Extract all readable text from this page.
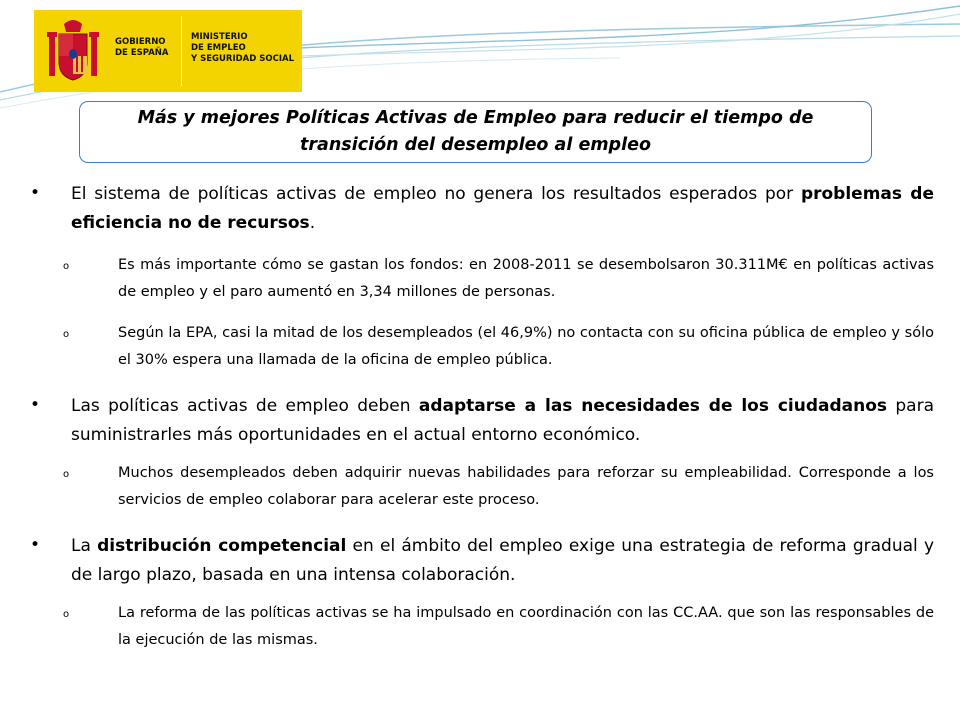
GOBIERNO
DE ESPAÑA
MINISTERIO
DE EMPLEO
Y SEGURIDAD SOCIAL
Más y mejores Políticas Activas de Empleo para reducir el tiempo de
transición del desempleo al empleo
• El sistema de políticas activas de empleo no genera los resultados esperados por problemas de eficiencia no de recursos.
o	Es más importante cómo se gastan los fondos: en 2008-2011 se desembolsaron 30.311M€ en políticas activas de empleo y el paro aumentó en 3,34 millones de personas.
o	Según la EPA, casi la mitad de los desempleados (el 46,9%) no contacta con su oficina pública de empleo y sólo el 30% espera una llamada de la oficina de empleo pública.
• Las políticas activas de empleo deben adaptarse a las necesidades de los ciudadanos para suministrarles más oportunidades en el actual entorno económico.
o	Muchos desempleados deben adquirir nuevas habilidades para reforzar su empleabilidad. Corresponde a los servicios de empleo colaborar para acelerar este proceso.
• La distribución competencial en el ámbito del empleo exige una estrategia de reforma gradual y de largo plazo, basada en una intensa colaboración.
o	La reforma de las políticas activas se ha impulsado en coordinación con las CC.AA. que son las responsables de la ejecución de las mismas.
